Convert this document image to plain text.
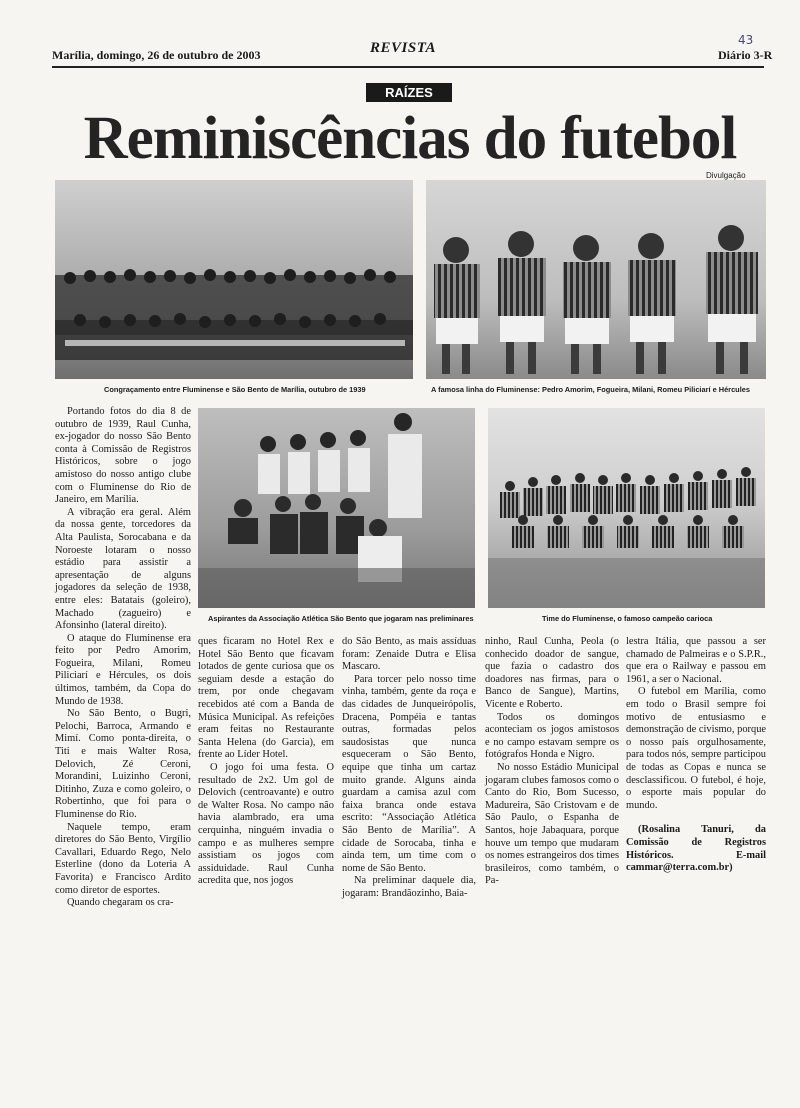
Marília, domingo, 26 de outubro de 2003	REVISTA	43
Diário 3-R
RAÍZES
Reminiscências do futebol
Divulgação
Congraçamento entre Fluminense e São Bento de Marília, outubro de 1939	A famosa linha do Fluminense: Pedro Amorim, Fogueira, Milani, Romeu Piliciarí e Hércules
Aspirantes da Associação Atlética São Bento que jogaram nas preliminares	Time do Fluminense, o famoso campeão carioca

Portando fotos do dia 8 de outubro de 1939, Raul Cunha, ex-jogador do nosso São Bento conta à Comissão de Registros Históricos, sobre o jogo amistoso do nosso antigo clube com o Fluminense do Rio de Janeiro, em Marília.

A vibração era geral. Além da nossa gente, torcedores da Alta Paulista, Sorocabana e da Noroeste lotaram o nosso estádio para assistir a apresentação de alguns jogadores da seleção de 1938, entre eles: Batatais (goleiro), Machado (zagueiro) e Afonsinho (lateral direito).

O ataque do Fluminense era feito por Pedro Amorim, Fogueira, Milani, Romeu Piliciarí e Hércules, os dois últimos, também, da Copa do Mundo de 1938.

No São Bento, o Bugri, Pelochi, Barroca, Armando e Mimí. Como ponta-direita, o Titi e mais Walter Rosa, Delovich, Zé Ceroni, Morandini, Luizinho Ceroni, Ditinho, Zuza e como goleiro, o Robertinho, que foi para o Fluminense do Rio.

Naquele tempo, eram diretores do São Bento, Virgílio Cavallari, Eduardo Rego, Nelo Esterline (dono da Loteria A Favorita) e Francisco Ardito como diretor de esportes.

Quando chegaram os cra-

ques ficaram no Hotel Rex e Hotel São Bento que ficavam lotados de gente curiosa que os seguiam desde a estação do trem, por onde chegavam recebidos até com a Banda de Música Municipal. As refeições eram feitas no Restaurante Santa Helena (do Garcia), em frente ao Líder Hotel.

O jogo foi uma festa. O resultado de 2x2. Um gol de Delovich (centroavante) e outro de Walter Rosa. No campo não havia alambrado, era uma cerquinha, ninguém invadia o campo e as mulheres sempre assistiam os jogos com assiduidade. Raul Cunha acredita que, nos jogos

do São Bento, as mais assíduas foram: Zenaide Dutra e Elisa Mascaro.

Para torcer pelo nosso time vinha, também, gente da roça e das cidades de Junqueirópolis, Dracena, Pompéia e tantas outras, formadas pelos saudosistas que nunca esqueceram o São Bento, equipe que tinha um cartaz muito grande. Alguns ainda guardam a camisa azul com faixa branca onde estava escrito: “Associação Atlética São Bento de Marília”. A cidade de Sorocaba, tinha e ainda tem, um time com o nome de São Bento.

Na preliminar daquele dia, jogaram: Brandãozinho, Baia-

ninho, Raul Cunha, Peola (o conhecido doador de sangue, que fazia o cadastro dos doadores nas firmas, para o Banco de Sangue), Martins, Vicente e Roberto.

Todos os domingos aconteciam os jogos amistosos e no campo estavam sempre os fotógrafos Honda e Nigro.

No nosso Estádio Municipal jogaram clubes famosos como o Canto do Rio, Bom Sucesso, Madureira, São Cristovam e de São Paulo, o Espanha de Santos, hoje Jabaquara, porque houve um tempo que mudaram os nomes estrangeiros dos times brasileiros, como também, o Pa-

lestra Itália, que passou a ser chamado de Palmeiras e o S.P.R., que era o Railway e passou em 1961, a ser o Nacional.

O futebol em Marília, como em todo o Brasil sempre foi motivo de entusiasmo e demonstração de civismo, porque o nosso país orgulhosamente, para todos nós, sempre participou de todas as Copas e nunca se desclassificou. O futebol, é hoje, o esporte mais popular do mundo.

(Rosalina Tanuri, da Comissão de Registros Históricos. E-mail cammar@terra.com.br)
